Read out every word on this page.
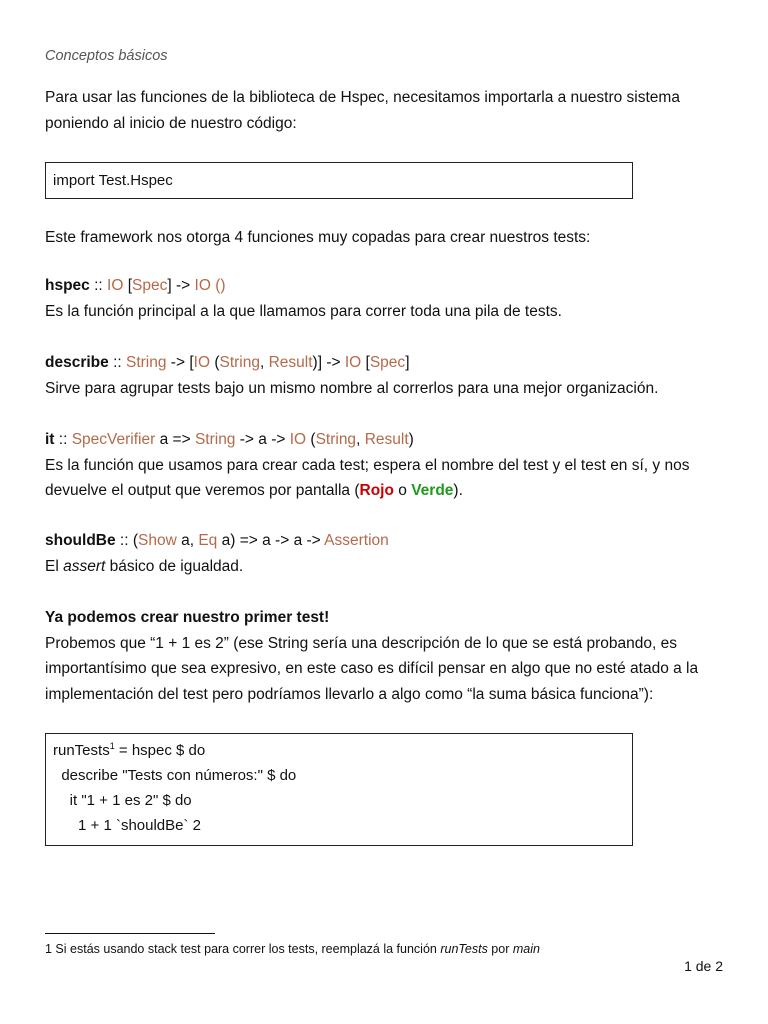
Conceptos básicos
Para usar las funciones de la biblioteca de Hspec, necesitamos importarla a nuestro sistema
poniendo al inicio de nuestro código:
import Test.Hspec
Este framework nos otorga 4 funciones muy copadas para crear nuestros tests:
hspec :: IO [Spec] -> IO ()
Es la función principal a la que llamamos para correr toda una pila de tests.
describe :: String -> [IO (String, Result)] -> IO [Spec]
Sirve para agrupar tests bajo un mismo nombre al correrlos para una mejor organización.
it :: SpecVerifier a => String -> a -> IO (String, Result)
Es la función que usamos para crear cada test; espera el nombre del test y el test en sí, y nos
devuelve el output que veremos por pantalla (Rojo o Verde).
shouldBe :: (Show a, Eq a) => a -> a -> Assertion
El assert básico de igualdad.
Ya podemos crear nuestro primer test!
Probemos que “1 + 1 es 2” (ese String sería una descripción de lo que se está probando, es
importantísimo que sea expresivo, en este caso es difícil pensar en algo que no esté atado a la
implementación del test pero podríamos llevarlo a algo como “la suma básica funciona”):
runTests$^1$ = hspec $ do
describe "Tests con números:" $ do
it "1 + 1 es 2" $ do
1 + 1 `shouldBe` 2
1 Si estás usando stack test para correr los tests, reemplazá la función runTests por main
1 de 2
